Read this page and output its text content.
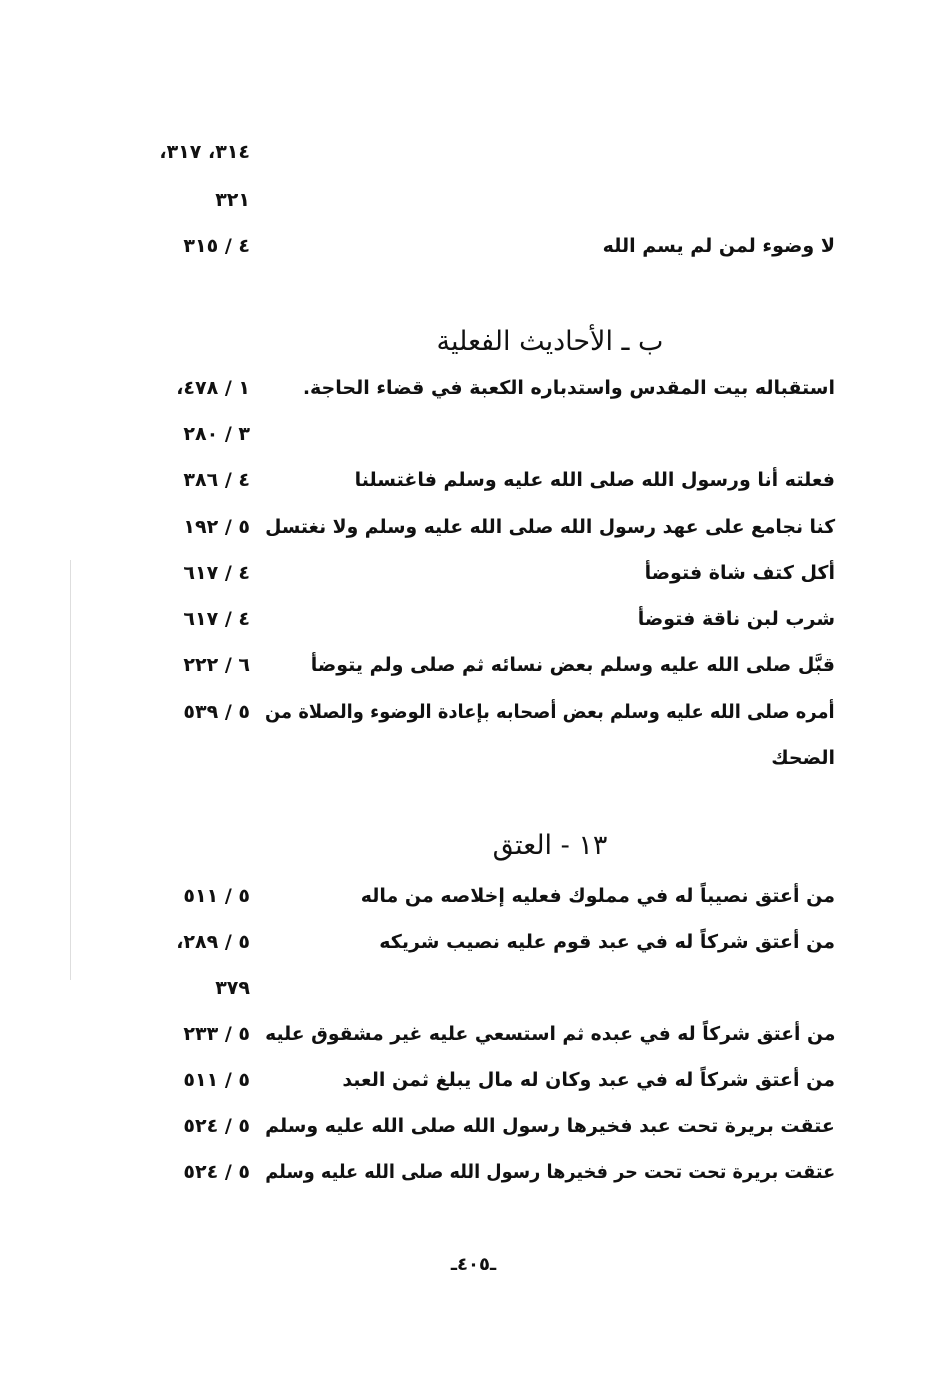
٣١٤، ٣١٧،
٣٢١
لا وضوء لمن لم يسم الله
٤ / ٣١٥
ب ـ الأحاديث الفعلية
استقباله بيت المقدس واستدباره الكعبة في قضاء الحاجة.
١ / ٤٧٨،
٣ / ٢٨٠
فعلته أنا ورسول الله صلى الله عليه وسلم فاغتسلنا
٤ / ٣٨٦
كنا نجامع على عهد رسول الله صلى الله عليه وسلم ولا نغتسل
٥ / ١٩٢
أكل كتف شاة فتوضأ
٤ / ٦١٧
شرب لبن ناقة فتوضأ
٤ / ٦١٧
قبَّل صلى الله عليه وسلم بعض نسائه ثم صلى ولم يتوضأ
٦ / ٢٢٢
أمره صلى الله عليه وسلم بعض أصحابه بإعادة الوضوء والصلاة من
٥ / ٥٣٩
الضحك
١٣ - العتق
من أعتق نصيباً له في مملوك فعليه إخلاصه من ماله
٥ / ٥١١
من أعتق شركاً له في عبد قوم عليه نصيب شريكه
٥ / ٢٨٩،
٣٧٩
من أعتق شركاً له في عبده ثم استسعي عليه غير مشقوق عليه
٥ / ٢٣٣
من أعتق شركاً له في عبد وكان له مال يبلغ ثمن العبد
٥ / ٥١١
عتقت بريرة تحت عبد فخيرها رسول الله صلى الله عليه وسلم
٥ / ٥٢٤
عتقت بريرة تحت تحت حر فخيرها رسول الله صلى الله عليه وسلم
٥ / ٥٢٤
ـ٤٠٥ـ
